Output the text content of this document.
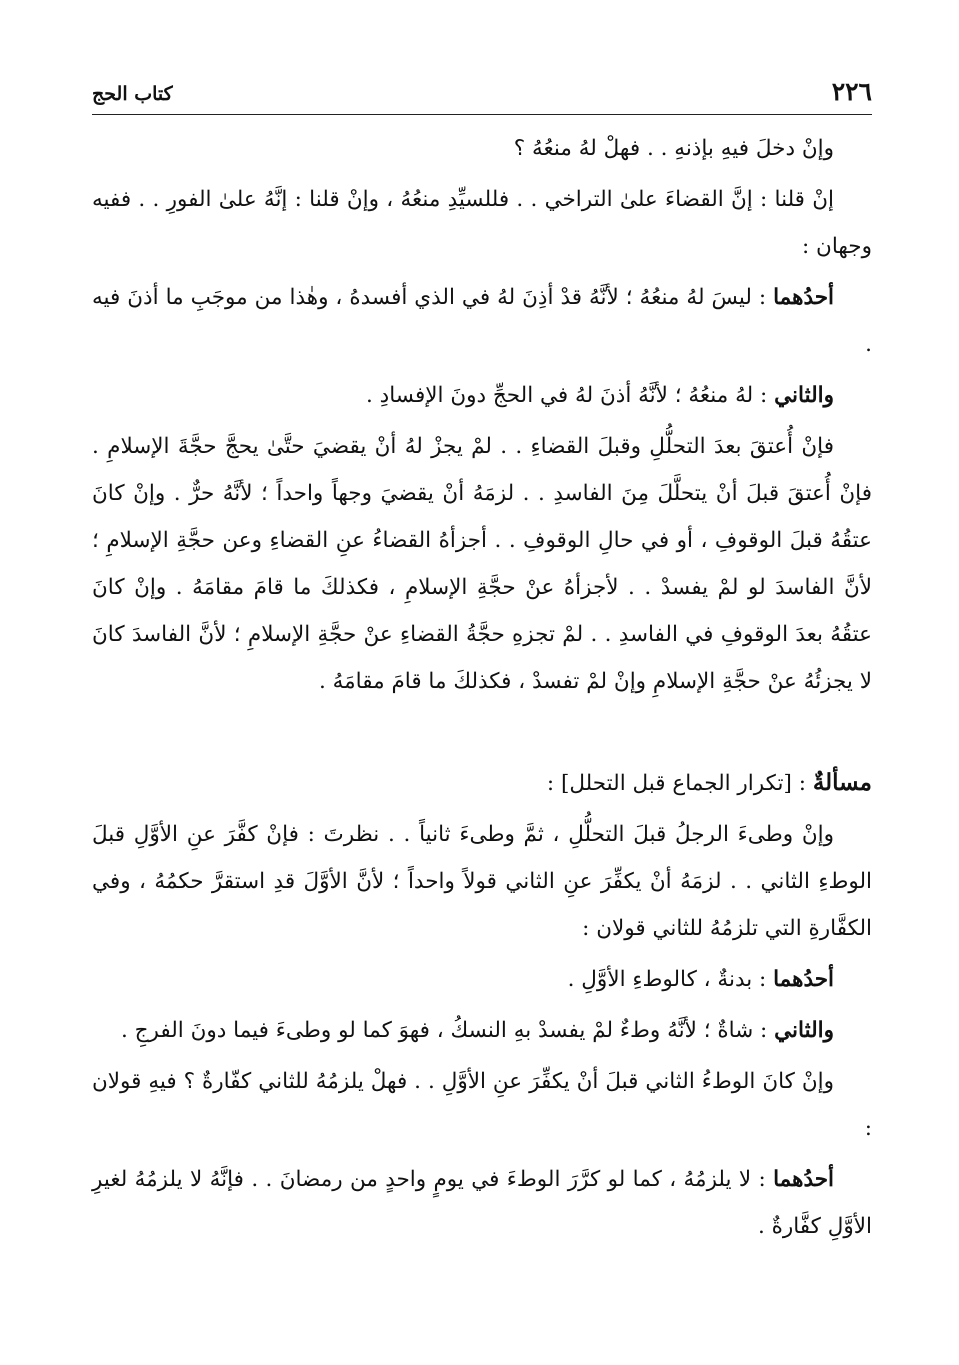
٢٢٦
كتاب الحج

وإنْ دخلَ فيهِ بإذنهِ . . فهلْ لهُ منعُهُ ؟

إنْ قلنا : إنَّ القضاءَ علىٰ التراخي . . فللسيِّدِ منعُهُ ، وإنْ قلنا : إنَّهُ علىٰ الفورِ . . ففيه وجهان :

أحدُهما : ليسَ لهُ منعُهُ ؛ لأنَّهُ قدْ أذِنَ لهُ في الذي أفسدهُ ، وهٰذا من موجَبِ ما أذنَ فيه .

والثاني : لهُ منعُهُ ؛ لأنَّهُ أذنَ لهُ في الحجِّ دونَ الإفسادِ .

فإنْ أُعتقَ بعدَ التحلُّلِ وقبلَ القضاءِ . . لمْ يجزْ لهُ أنْ يقضيَ حتَّىٰ يحجَّ حجَّةَ الإسلامِ . فإنْ أُعتقَ قبلَ أنْ يتحلَّلَ مِنَ الفاسدِ . . لزمَهُ أنْ يقضيَ وجهاً واحداً ؛ لأنَّهُ حرٌّ . وإنْ كانَ عتقُهُ قبلَ الوقوفِ ، أو في حالِ الوقوفِ . . أجزأهُ القضاءُ عنِ القضاءِ وعن حجَّةِ الإسلامِ ؛ لأنَّ الفاسدَ لو لمْ يفسدْ . . لأجزأهُ عنْ حجَّةِ الإسلامِ ، فكذلكَ ما قامَ مقامَهُ . وإنْ كانَ عتقُهُ بعدَ الوقوفِ في الفاسدِ . . لمْ تجزهِ حجَّةُ القضاءِ عنْ حجَّةِ الإسلامِ ؛ لأنَّ الفاسدَ كانَ لا يجزئُهُ عنْ حجَّةِ الإسلامِ وإنْ لمْ تفسدْ ، فكذلكَ ما قامَ مقامَهُ .

مسألةٌ : [تكرار الجماع قبل التحلل] :

وإنْ وطىءَ الرجلُ قبلَ التحلُّلِ ، ثمَّ وطىءَ ثانياً . . نظرتَ : فإنْ كفَّرَ عنِ الأوَّلِ قبلَ الوطءِ الثاني . . لزمَهُ أنْ يكفِّرَ عنِ الثاني قولاً واحداً ؛ لأنَّ الأوَّلَ قدِ استقرَّ حكمُهُ ، وفي الكفَّارةِ التي تلزمُهُ للثاني قولان :

أحدُهما : بدنةٌ ، كالوطءِ الأوَّلِ .

والثاني : شاةٌ ؛ لأنَّهُ وطءٌ لمْ يفسدْ بهِ النسكُ ، فهوَ كما لو وطىءَ فيما دونَ الفرجِ .

وإنْ كانَ الوطءُ الثاني قبلَ أنْ يكفِّرَ عنِ الأوَّلِ . . فهلْ يلزمُهُ للثاني كفّارةٌ ؟ فيهِ قولان :

أحدُهما : لا يلزمُهُ ، كما لو كرَّرَ الوطءَ في يومٍ واحدٍ من رمضانَ . . فإنَّهُ لا يلزمُهُ لغيرِ الأوَّلِ كفَّارةٌ .
